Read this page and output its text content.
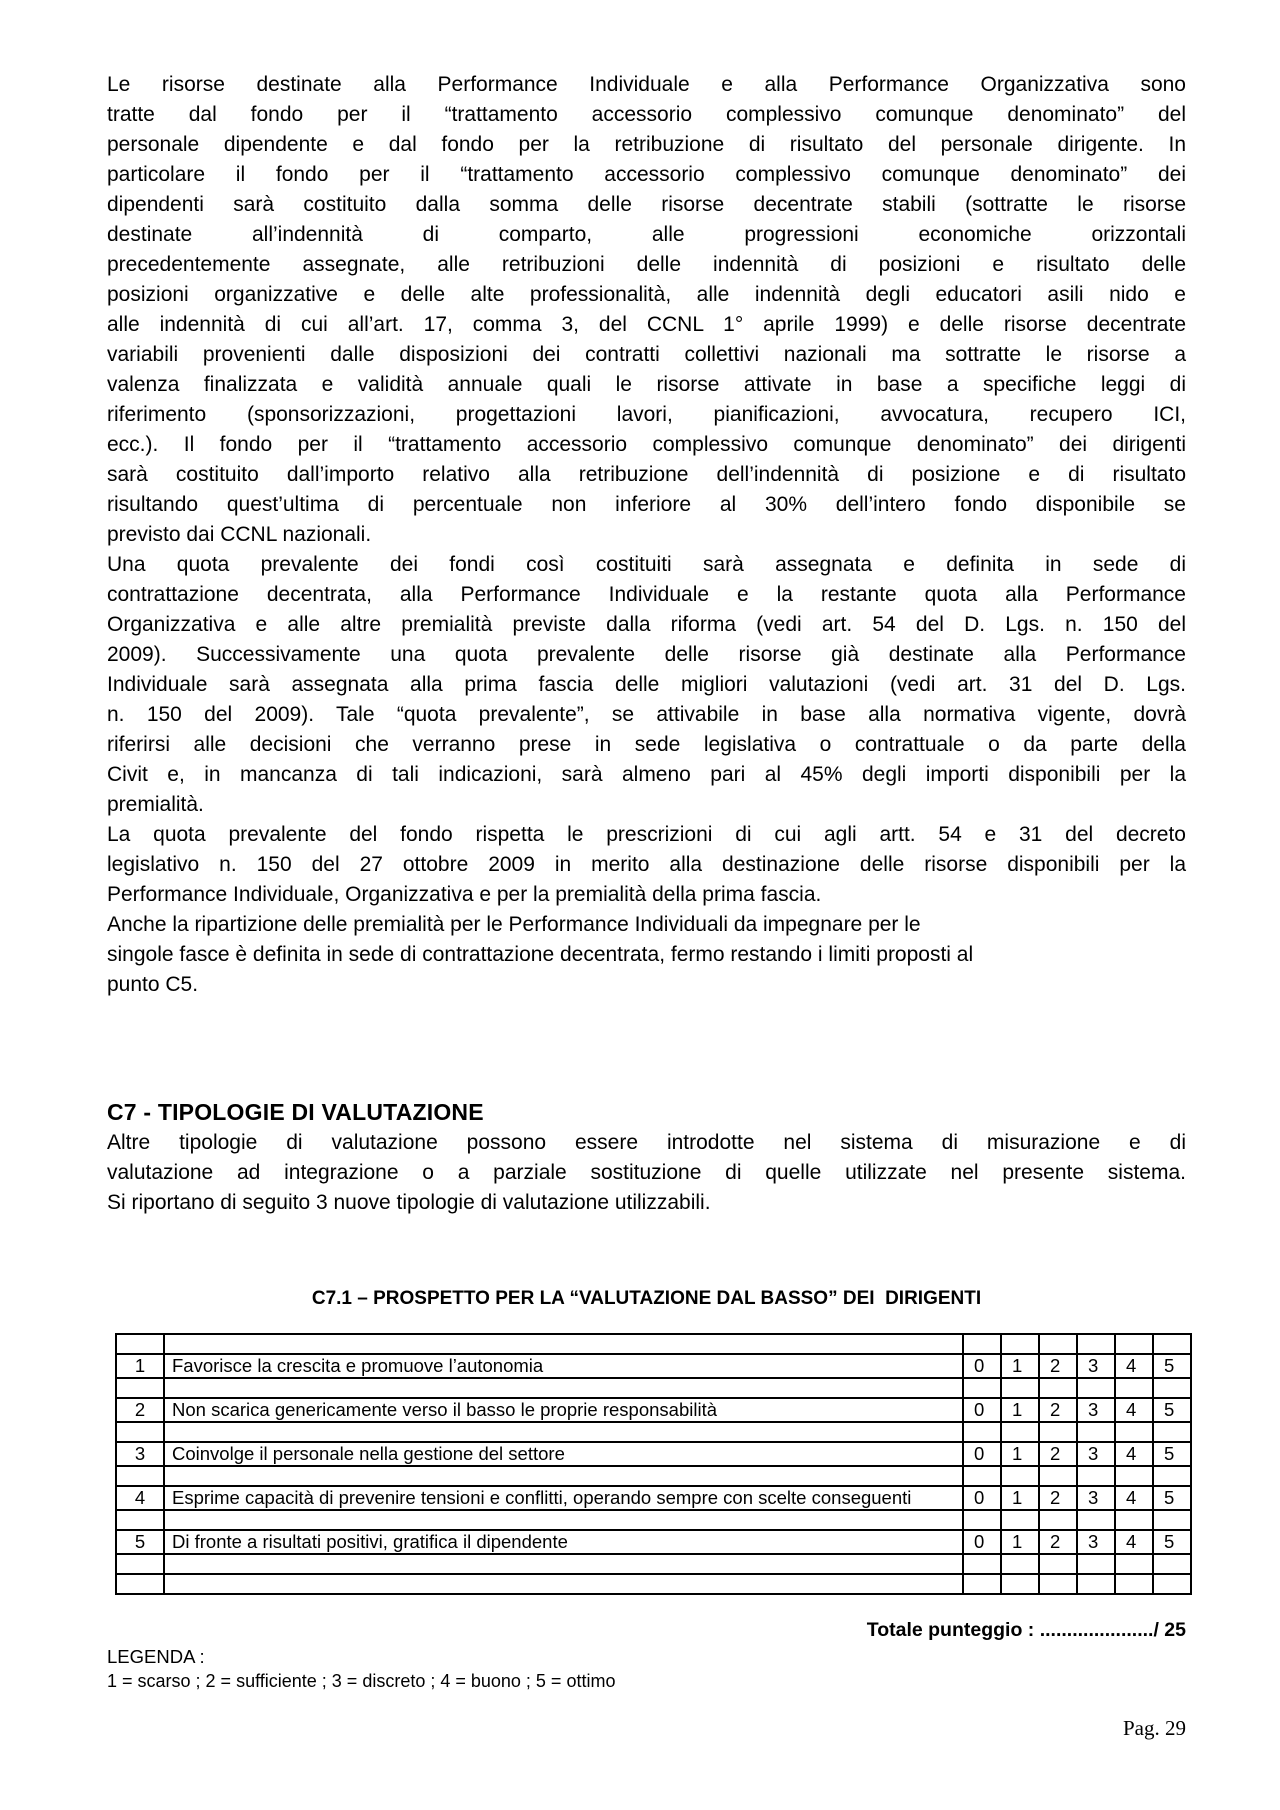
Le risorse destinate alla Performance Individuale e alla Performance Organizzativa sono
tratte dal fondo per il “trattamento accessorio complessivo comunque denominato” del
personale dipendente e dal fondo per la retribuzione di risultato del personale dirigente. In
particolare il fondo per il “trattamento accessorio complessivo comunque denominato” dei
dipendenti sarà costituito dalla somma delle risorse decentrate stabili (sottratte le risorse
destinate all’indennità di comparto, alle progressioni economiche orizzontali
precedentemente assegnate, alle retribuzioni delle indennità di posizioni e risultato delle
posizioni organizzative e delle alte professionalità, alle indennità degli educatori asili nido e
alle indennità di cui all’art. 17, comma 3, del CCNL 1° aprile 1999) e delle risorse decentrate
variabili provenienti dalle disposizioni dei contratti collettivi nazionali ma sottratte le risorse a
valenza finalizzata e validità annuale quali le risorse attivate in base a specifiche leggi di
riferimento (sponsorizzazioni, progettazioni lavori, pianificazioni, avvocatura, recupero ICI,
ecc.). Il fondo per il “trattamento accessorio complessivo comunque denominato” dei dirigenti
sarà costituito dall’importo relativo alla retribuzione dell’indennità di posizione e di risultato
risultando quest’ultima di percentuale non inferiore al 30% dell’intero fondo disponibile se
previsto dai CCNL nazionali.
Una quota prevalente dei fondi così costituiti sarà assegnata e definita in sede di
contrattazione decentrata, alla Performance Individuale e la restante quota alla Performance
Organizzativa e alle altre premialità previste dalla riforma (vedi art. 54 del D. Lgs. n. 150 del
2009). Successivamente una quota prevalente delle risorse già destinate alla Performance
Individuale sarà assegnata alla prima fascia delle migliori valutazioni (vedi art. 31 del D. Lgs.
n. 150 del 2009). Tale “quota prevalente”, se attivabile in base alla normativa vigente, dovrà
riferirsi alle decisioni che verranno prese in sede legislativa o contrattuale o da parte della
Civit e, in mancanza di tali indicazioni, sarà almeno pari al 45% degli importi disponibili per la
premialità.
La quota prevalente del fondo rispetta le prescrizioni di cui agli artt. 54 e 31 del decreto
legislativo n. 150 del 27 ottobre 2009 in merito alla destinazione delle risorse disponibili per la
Performance Individuale, Organizzativa e per la premialità della prima fascia.
Anche la ripartizione delle premialità per le Performance Individuali da impegnare per le
singole fasce è definita in sede di contrattazione decentrata, fermo restando i limiti proposti al
punto C5.
C7 - TIPOLOGIE DI VALUTAZIONE
Altre tipologie di valutazione possono essere introdotte nel sistema di misurazione e di
valutazione ad integrazione o a parziale sostituzione di quelle utilizzate nel presente sistema.
Si riportano di seguito 3 nuove tipologie di valutazione utilizzabili.
C7.1 – PROSPETTO PER LA “VALUTAZIONE DAL BASSO” DEI  DIRIGENTI

1	Favorisce la crescita e promuove l’autonomia	0	1	2	3	4	5

2	Non scarica genericamente verso il basso le proprie responsabilità	0	1	2	3	4	5

3	Coinvolge il personale nella gestione del settore	0	1	2	3	4	5

4	Esprime capacità di prevenire tensioni e conflitti, operando sempre con scelte conseguenti	0	1	2	3	4	5

5	Di fronte a risultati positivi, gratifica il dipendente	0	1	2	3	4	5

Totale punteggio : ...................../ 25
LEGENDA :
1 = scarso ; 2 = sufficiente ; 3 = discreto ; 4 = buono ; 5 = ottimo
Pag. 29
